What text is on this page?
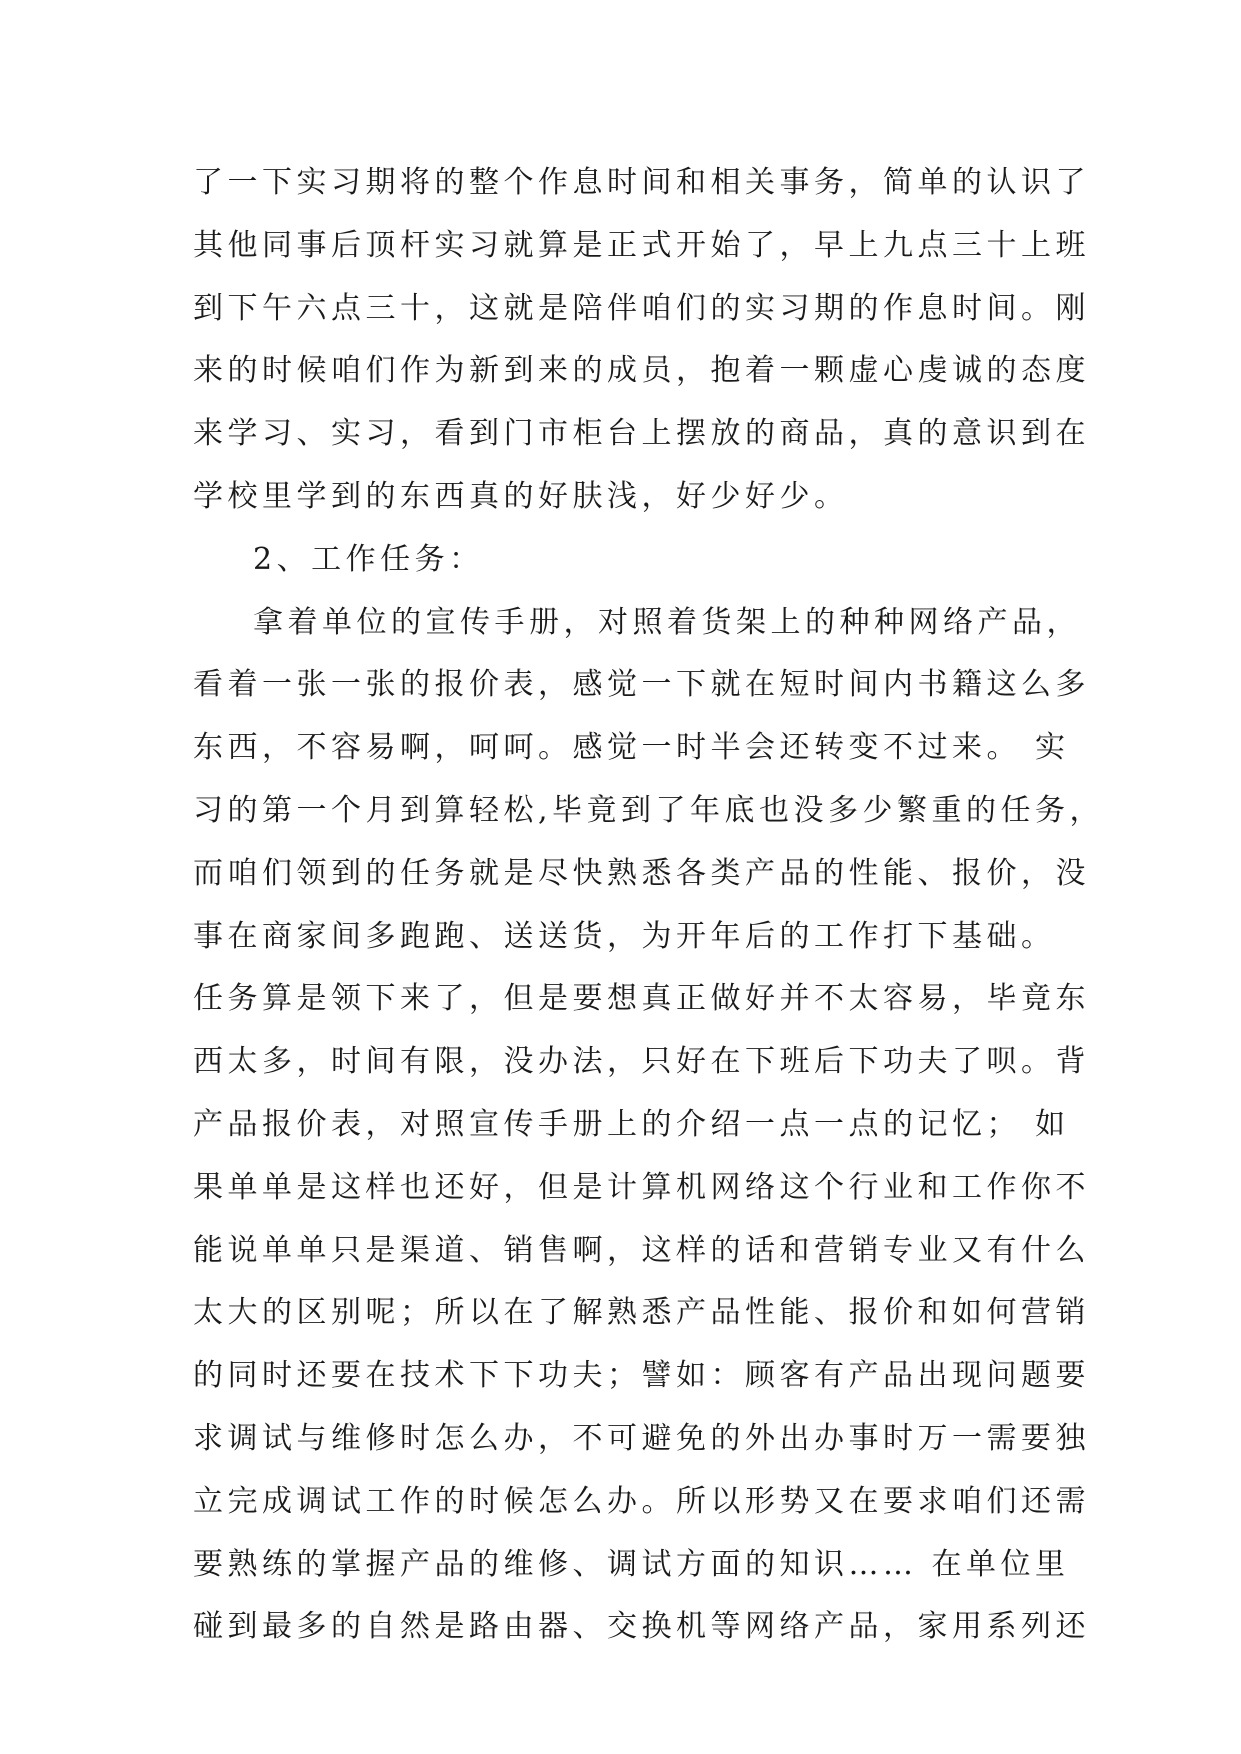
了一下实习期将的整个作息时间和相关事务，简单的认识了
其他同事后顶杆实习就算是正式开始了，早上九点三十上班
到下午六点三十，这就是陪伴咱们的实习期的作息时间。刚
来的时候咱们作为新到来的成员，抱着一颗虚心虔诚的态度
来学习、实习，看到门市柜台上摆放的商品，真的意识到在
学校里学到的东西真的好肤浅，好少好少。
2、工作任务：
拿着单位的宣传手册，对照着货架上的种种网络产品，
看着一张一张的报价表，感觉一下就在短时间内书籍这么多
东西，不容易啊，呵呵。感觉一时半会还转变不过来。 实
习的第一个月到算轻松,毕竟到了年底也没多少繁重的任务，
而咱们领到的任务就是尽快熟悉各类产品的性能、报价，没
事在商家间多跑跑、送送货，为开年后的工作打下基础。
任务算是领下来了，但是要想真正做好并不太容易，毕竟东
西太多，时间有限，没办法，只好在下班后下功夫了呗。背
产品报价表，对照宣传手册上的介绍一点一点的记忆； 如
果单单是这样也还好，但是计算机网络这个行业和工作你不
能说单单只是渠道、销售啊，这样的话和营销专业又有什么
太大的区别呢；所以在了解熟悉产品性能、报价和如何营销
的同时还要在技术下下功夫；譬如：顾客有产品出现问题要
求调试与维修时怎么办，不可避免的外出办事时万一需要独
立完成调试工作的时候怎么办。所以形势又在要求咱们还需
要熟练的掌握产品的维修、调试方面的知识…… 在单位里
碰到最多的自然是路由器、交换机等网络产品，家用系列还
